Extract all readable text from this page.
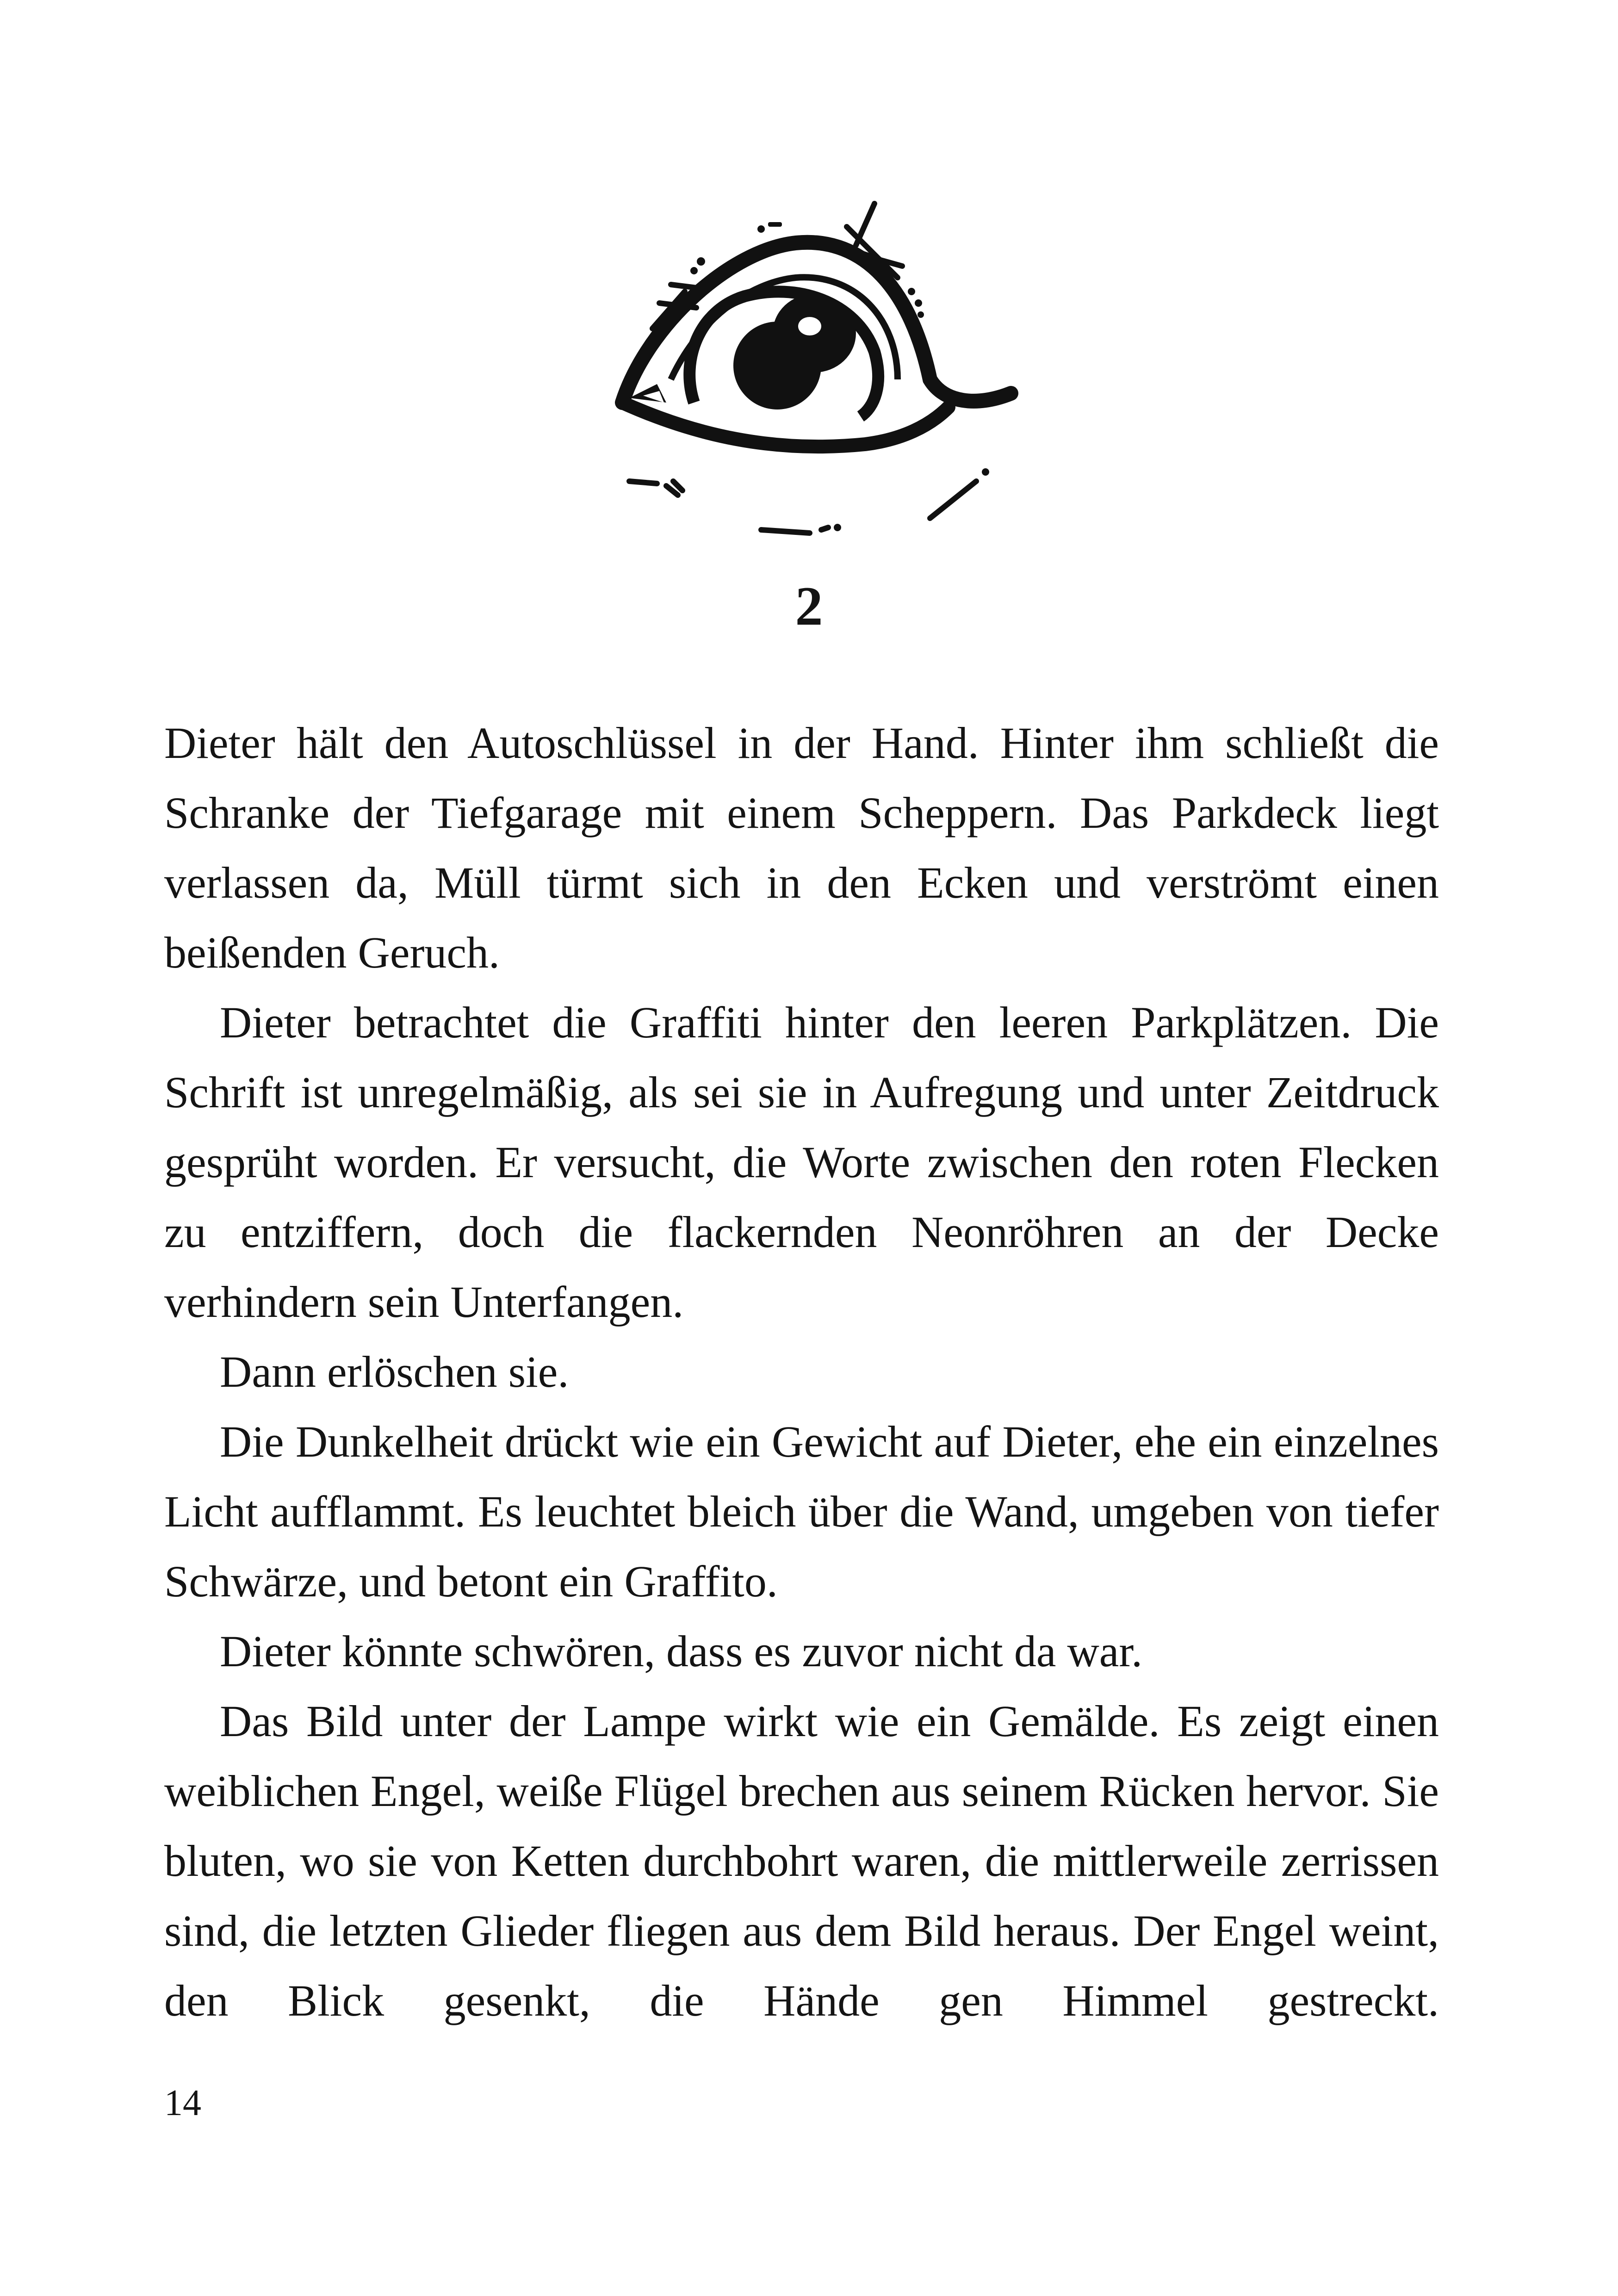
2

Dieter hält den Autoschlüssel in der Hand. Hinter ihm schließt die Schranke der Tiefgarage mit einem Scheppern. Das Parkdeck liegt verlassen da, Müll türmt sich in den Ecken und verströmt einen beißenden Geruch.

Dieter betrachtet die Graffiti hinter den leeren Parkplätzen. Die Schrift ist unregelmäßig, als sei sie in Aufregung und unter Zeitdruck gesprüht worden. Er versucht, die Worte zwischen den roten Flecken zu entziffern, doch die flackernden Neonröhren an der Decke verhindern sein Unterfangen.

Dann erlöschen sie.

Die Dunkelheit drückt wie ein Gewicht auf Dieter, ehe ein einzelnes Licht aufflammt. Es leuchtet bleich über die Wand, umgeben von tiefer Schwärze, und betont ein Graffito.

Dieter könnte schwören, dass es zuvor nicht da war.

Das Bild unter der Lampe wirkt wie ein Gemälde. Es zeigt einen weiblichen Engel, weiße Flügel brechen aus seinem Rücken hervor. Sie bluten, wo sie von Ketten durchbohrt waren, die mittlerweile zerrissen sind, die letzten Glieder fliegen aus dem Bild heraus. Der Engel weint, den Blick gesenkt, die Hände gen Himmel gestreckt.

14
